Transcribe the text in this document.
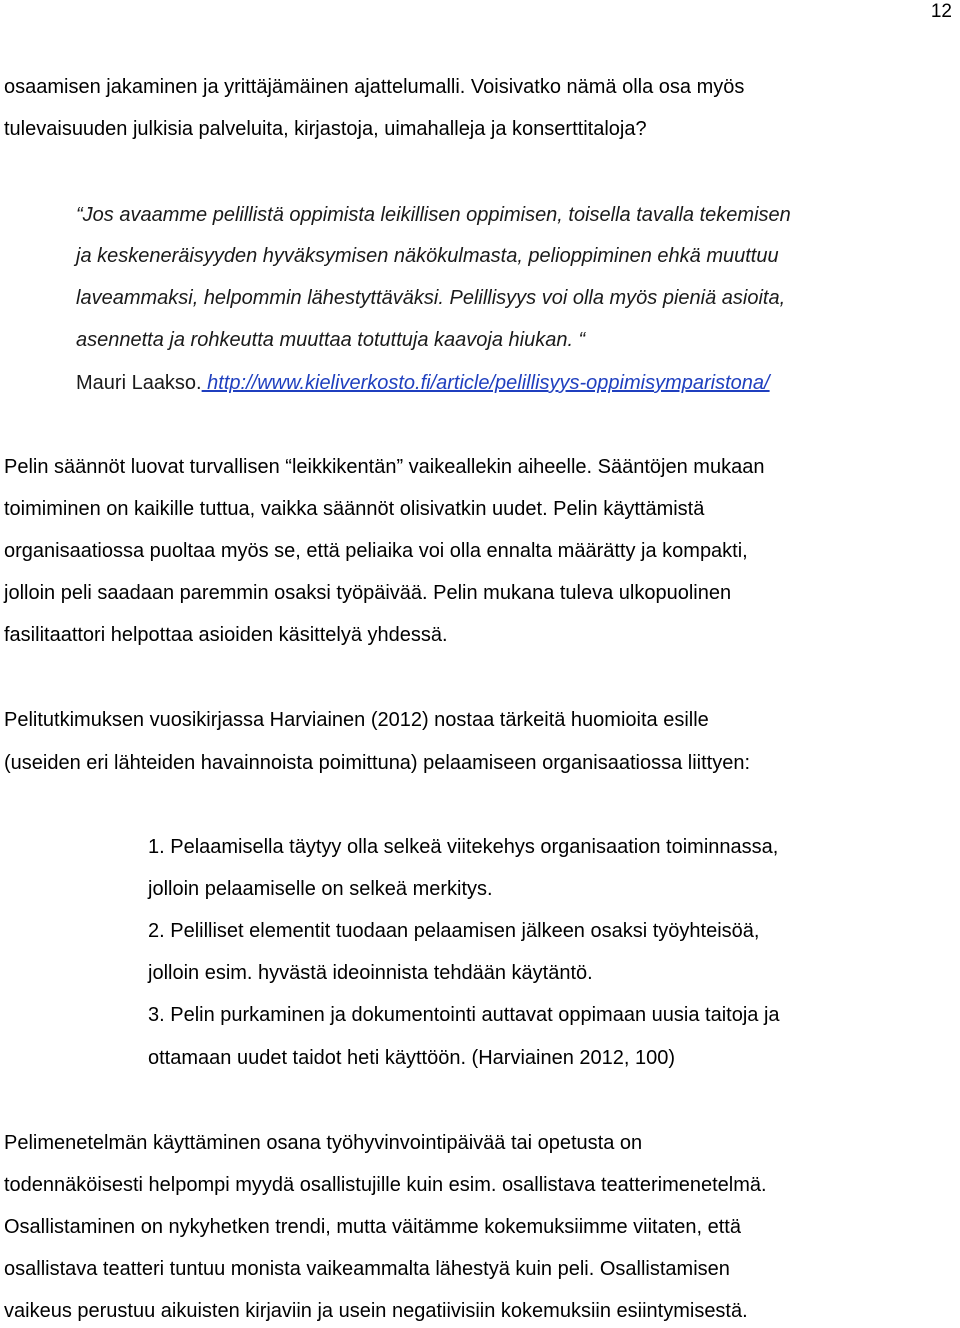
12
osaamisen jakaminen ja yrittäjämäinen ajattelumalli. Voisivatko nämä olla osa myös
tulevaisuuden julkisia palveluita, kirjastoja, uimahalleja ja konserttitaloja?
“Jos avaamme pelillistä oppimista leikillisen oppimisen, toisella tavalla tekemisen
ja keskeneräisyyden hyväksymisen näkökulmasta, pelioppiminen ehkä muuttuu
laveammaksi, helpommin lähestyttäväksi. Pelillisyys voi olla myös pieniä asioita,
asennetta ja rohkeutta muuttaa totuttuja kaavoja hiukan. “
Mauri Laakso. http://www.kieliverkosto.fi/article/pelillisyys-oppimisymparistona/
Pelin säännöt luovat turvallisen “leikkikentän” vaikeallekin aiheelle. Sääntöjen mukaan
toimiminen on kaikille tuttua, vaikka säännöt olisivatkin uudet. Pelin käyttämistä
organisaatiossa puoltaa myös se, että peliaika voi olla ennalta määrätty ja kompakti,
jolloin peli saadaan paremmin osaksi työpäivää. Pelin mukana tuleva ulkopuolinen
fasilitaattori helpottaa asioiden käsittelyä yhdessä.
Pelitutkimuksen vuosikirjassa Harviainen (2012) nostaa tärkeitä huomioita esille
(useiden eri lähteiden havainnoista poimittuna) pelaamiseen organisaatiossa liittyen:
1. Pelaamisella täytyy olla selkeä viitekehys organisaation toiminnassa,
jolloin pelaamiselle on selkeä merkitys.
2. Pelilliset elementit tuodaan pelaamisen jälkeen osaksi työyhteisöä,
jolloin esim. hyvästä ideoinnista tehdään käytäntö.
3. Pelin purkaminen ja dokumentointi auttavat oppimaan uusia taitoja ja
ottamaan uudet taidot heti käyttöön. (Harviainen 2012, 100)
Pelimenetelmän käyttäminen osana työhyvinvointipäivää tai opetusta on
todennäköisesti helpompi myydä osallistujille kuin esim. osallistava teatterimenetelmä.
Osallistaminen on nykyhetken trendi, mutta väitämme kokemuksiimme viitaten, että
osallistava teatteri tuntuu monista vaikeammalta lähestyä kuin peli. Osallistamisen
vaikeus perustuu aikuisten kirjaviin ja usein negatiivisiin kokemuksiin esiintymisestä.
